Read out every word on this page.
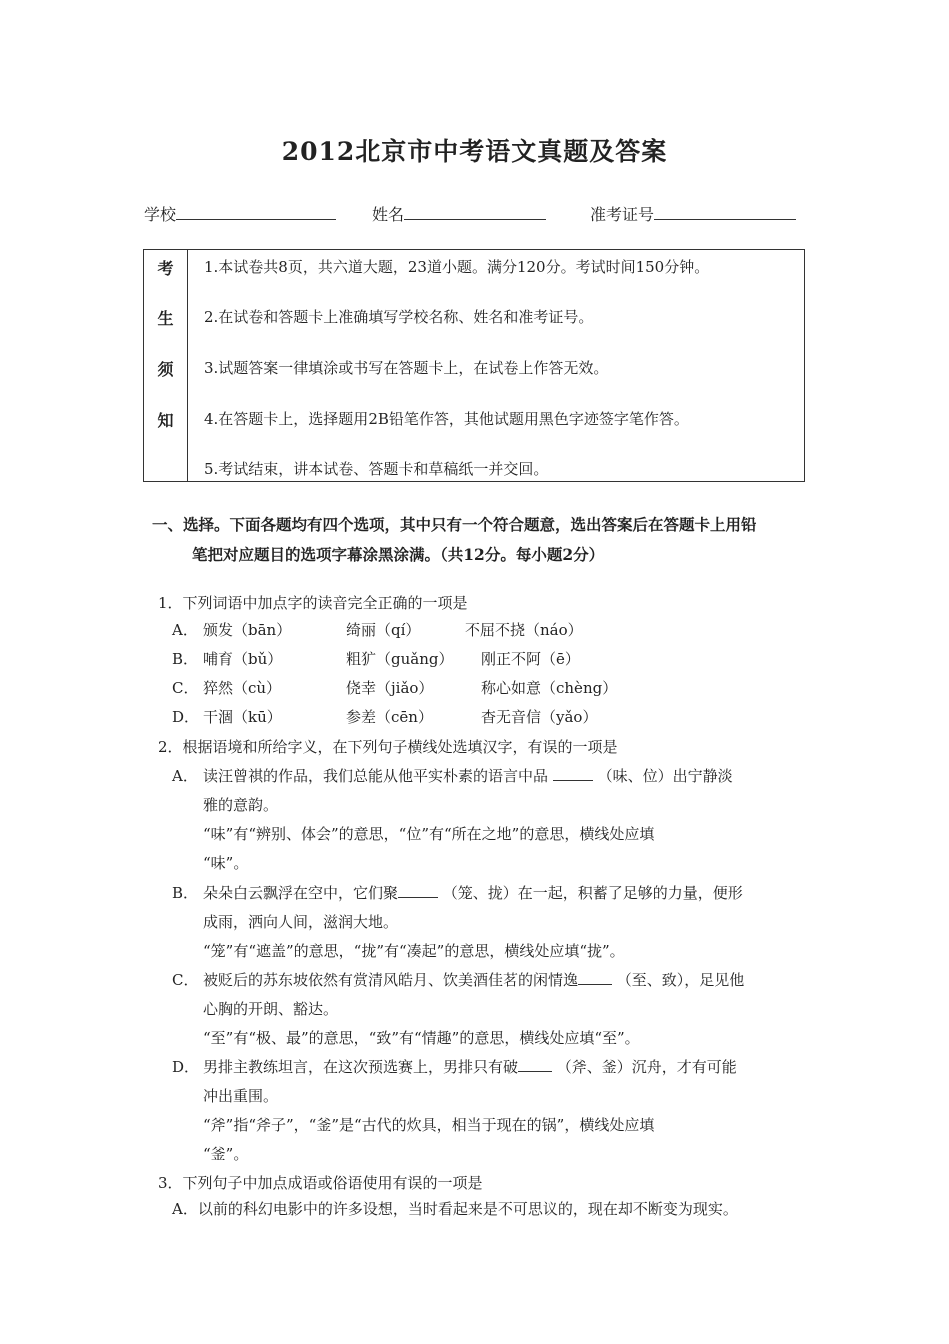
2012北京市中考语文真题及答案
学校	姓名	准考证号
考
生
须
知
1.本试卷共8页，共六道大题，23道小题。满分120分。考试时间150分钟。
2.在试卷和答题卡上准确填写学校名称、姓名和准考证号。
3.试题答案一律填涂或书写在答题卡上，在试卷上作答无效。
4.在答题卡上，选择题用2B铅笔作答，其他试题用黑色字迹签字笔作答。
5.考试结束，讲本试卷、答题卡和草稿纸一并交回。
一、选择。下面各题均有四个选项，其中只有一个符合题意，选出答案后在答题卡上用铅
笔把对应题目的选项字幕涂黑涂满。（共12分。每小题2分）
1．下列词语中加点字的读音完全正确的一项是
A． 颁发（bān）	绮丽（qí）	不屈不挠（náo）
B． 哺育（bǔ）	粗犷（guǎng） 刚正不阿（ē）
C． 猝然（cù）	侥幸（jiǎo）	称心如意（chèng）
D． 干涸（kū）	参差（cēn）	杳无音信（yǎo）
2．根据语境和所给字义，在下列句子横线处选填汉字，有误的一项是
A． 读汪曾祺的作品，我们总能从他平实朴素的语言中品	（味、位）出宁静淡
雅的意韵。
“味”有“辨别、体会”的意思，“位”有“所在之地”的意思，横线处应填
“味”。
B． 朵朵白云飘浮在空中，它们聚	（笼、拢）在一起，积蓄了足够的力量，便形
成雨，洒向人间，滋润大地。
“笼”有“遮盖”的意思，“拢”有“凑起”的意思，横线处应填“拢”。
C． 被贬后的苏东坡依然有赏清风皓月、饮美酒佳茗的闲情逸	（至、致），足见他
心胸的开朗、豁达。
“至”有“极、最”的意思，“致”有“情趣”的意思，横线处应填“至”。
D． 男排主教练坦言，在这次预选赛上，男排只有破	（斧、釜）沉舟，才有可能
冲出重围。
“斧”指“斧子”，“釜”是“古代的炊具，相当于现在的锅”，横线处应填
“釜”。
3．下列句子中加点成语或俗语使用有误的一项是
A．以前的科幻电影中的许多设想，当时看起来是不可思议的，现在却不断变为现实。
